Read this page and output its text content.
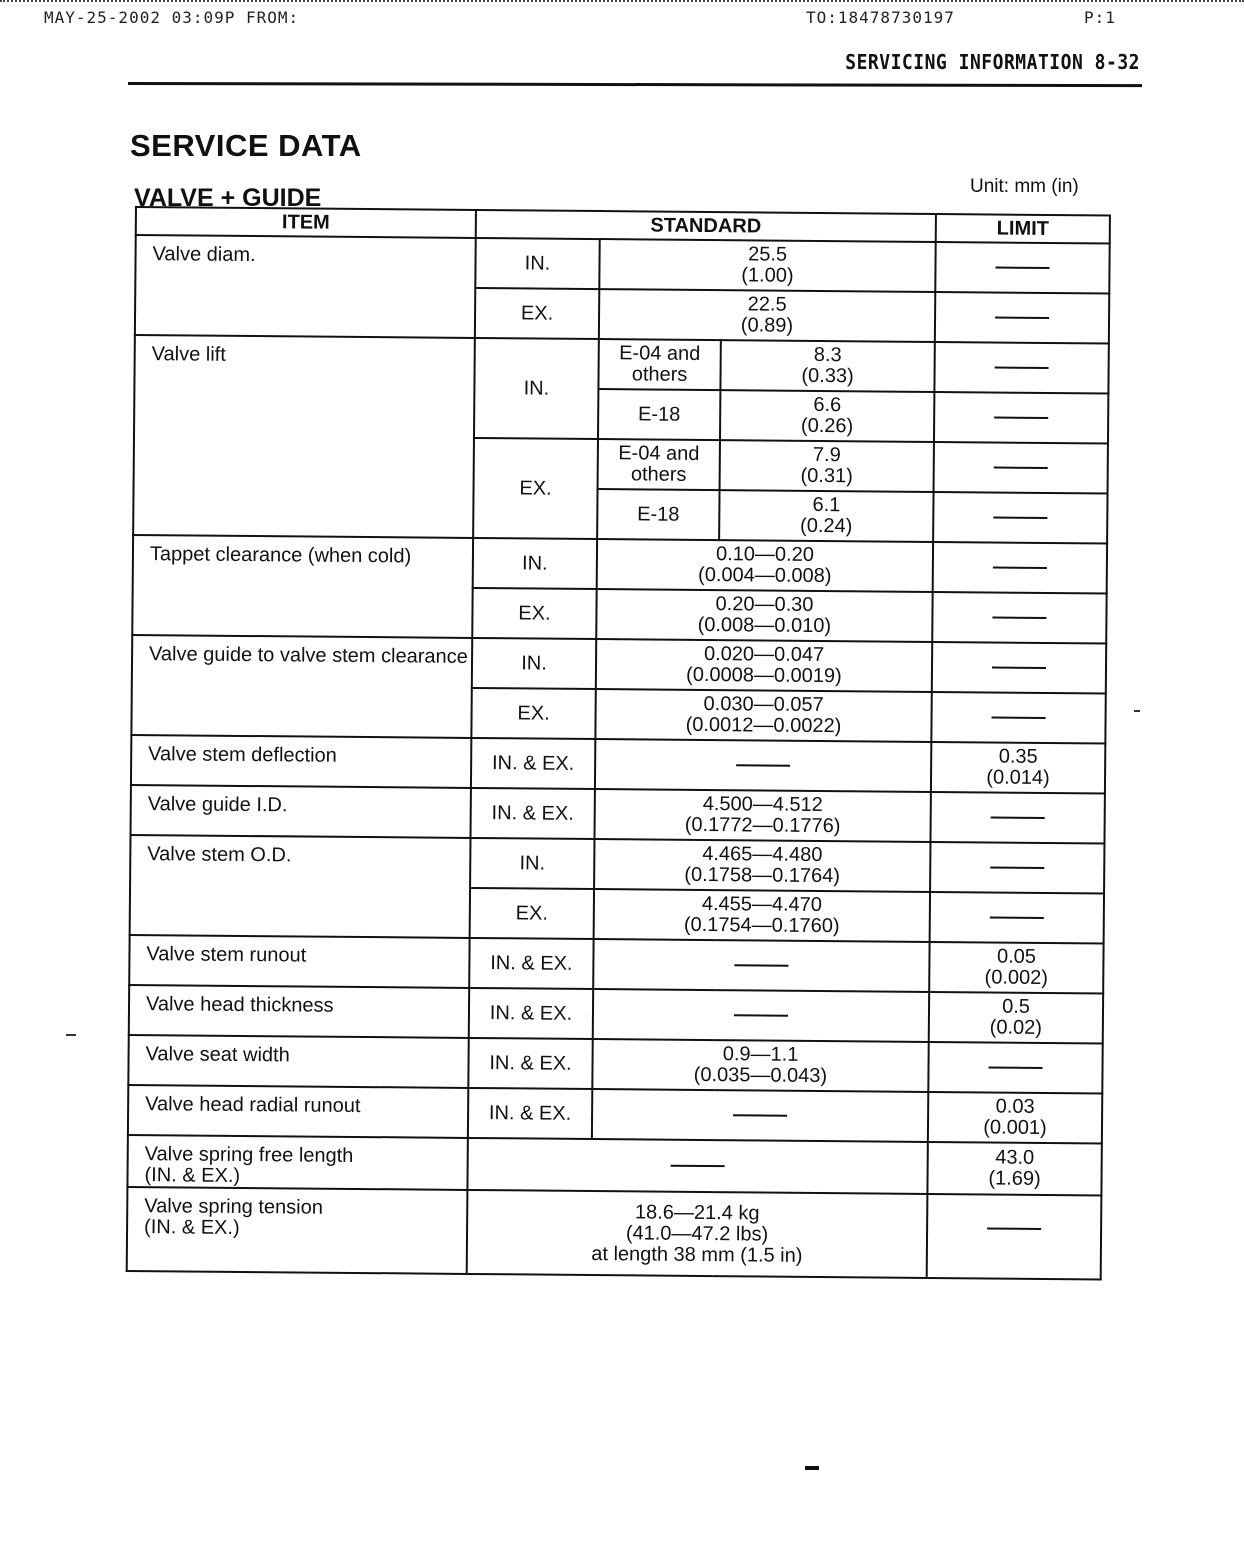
MAY-25-2002 03:09P FROM:	TO:18478730197	P:1
SERVICING INFORMATION 8-32
SERVICE DATA
VALVE + GUIDE	Unit: mm (in)
ITEM	STANDARD			LIMIT
Valve diam.	IN.	25.5
(1.00)		
	EX.	22.5
(0.89)		
Valve lift	IN.	E-04 and
others	8.3
(0.33)	
		E-18	6.6
(0.26)	
	EX.	E-04 and
others	7.9
(0.31)	
		E-18	6.1
(0.24)	
Tappet clearance (when cold)	IN.	0.10—0.20
(0.004—0.008)		
	EX.	0.20—0.30
(0.008—0.010)		
Valve guide to valve stem clearance	IN.	0.020—0.047
(0.0008—0.0019)		
	EX.	0.030—0.057
(0.0012—0.0022)		
Valve stem deflection	IN. & EX.			0.35
(0.014)
Valve guide I.D.	IN. & EX.	4.500—4.512
(0.1772—0.1776)		
Valve stem O.D.	IN.	4.465—4.480
(0.1758—0.1764)		
	EX.	4.455—4.470
(0.1754—0.1760)		
Valve stem runout	IN. & EX.			0.05
(0.002)
Valve head thickness	IN. & EX.			0.5
(0.02)
Valve seat width	IN. & EX.	0.9—1.1
(0.035—0.043)		
Valve head radial runout	IN. & EX.			0.03
(0.001)
Valve spring free length
(IN. & EX.)				43.0
(1.69)
Valve spring tension
(IN. & EX.)	18.6—21.4 kg
(41.0—47.2 lbs)
at length 38 mm (1.5 in)			
